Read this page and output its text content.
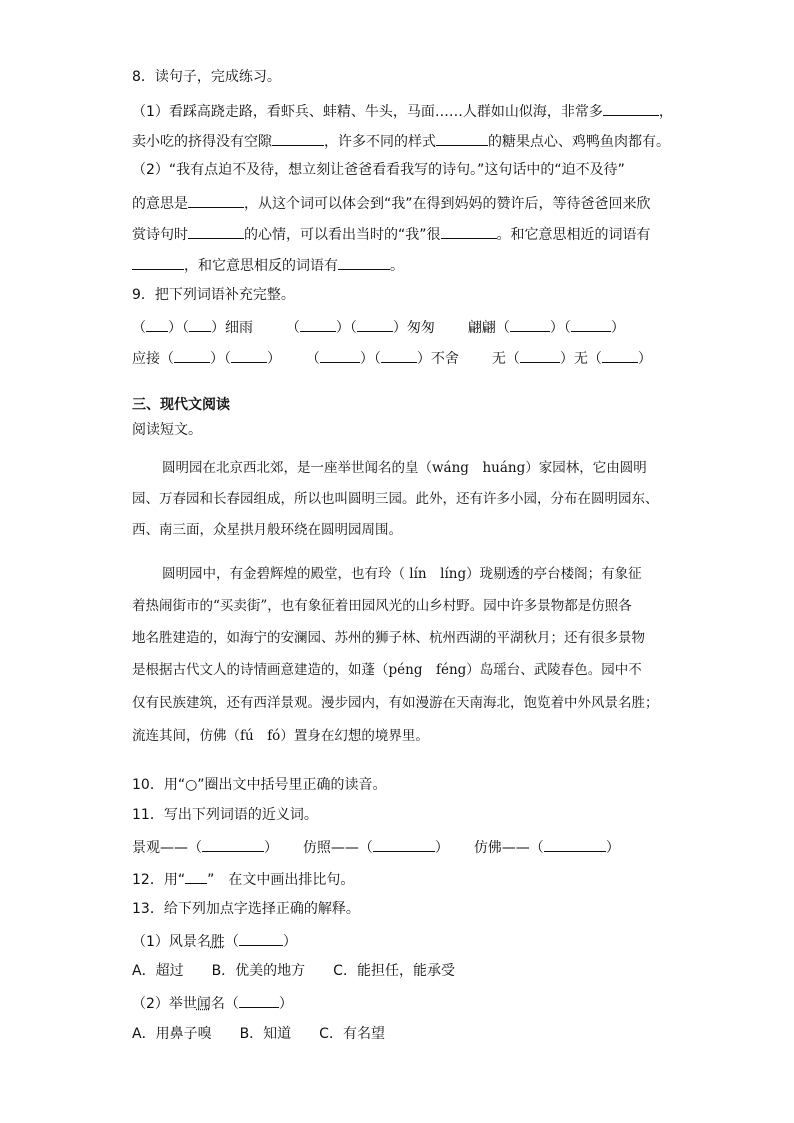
8．读句子，完成练习。
（1）看踩高跷走路，看虾兵、蚌精、牛头，马面……人群如山似海，非常多	，
卖小吃的挤得没有空隙	，许多不同的样式	的糖果点心、鸡鸭鱼肉都有。
（2）“我有点迫不及待，想立刻让爸爸看看我写的诗句。”这句话中的“迫不及待”
的意思是	，从这个词可以体会到“我”在得到妈妈的赞许后，等待爸爸回来欣
赏诗句时	的心情，可以看出当时的“我”很	。和它意思相近的词语有
，和它意思相反的词语有	。
9．把下列词语补充完整。
（ ）（ ）细雨 （	）（	）匆匆 翩翩（	）（	）
应接（	）（	） （	）（	）不舍 无（	）无（	）
三、现代文阅读
阅读短文。
圆明园在北京西北郊，是一座举世闻名的皇（wáng　huáng）家园林，它由圆明
园、万春园和长春园组成，所以也叫圆明三园。此外，还有许多小园，分布在圆明园东、
西、南三面，众星拱月般环绕在圆明园周围。
圆明园中，有金碧辉煌的殿堂，也有玲（ lín　líng）珑剔透的亭台楼阁；有象征
着热闹街市的“买卖街”，也有象征着田园风光的山乡村野。园中许多景物都是仿照各
地名胜建造的，如海宁的安澜园、苏州的狮子林、杭州西湖的平湖秋月；还有很多景物
是根据古代文人的诗情画意建造的，如蓬（péng　féng）岛瑶台、武陵春色。园中不
仅有民族建筑，还有西洋景观。漫步园内，有如漫游在天南海北，饱览着中外风景名胜；
流连其间，仿佛（fú　fó）置身在幻想的境界里。
10．用“○”圈出文中括号里正确的读音。
11．写出下列词语的近义词。
景观——（	） 仿照——（	） 仿佛——（	）
12．用“ ”　在文中画出排比句。
13．给下列加点字选择正确的解释。
（1）风景名胜（	）
A．超过　　B．优美的地方　　C．能担任，能承受
（2）举世闻名（	）
A．用鼻子嗅　　B．知道　　C．有名望
